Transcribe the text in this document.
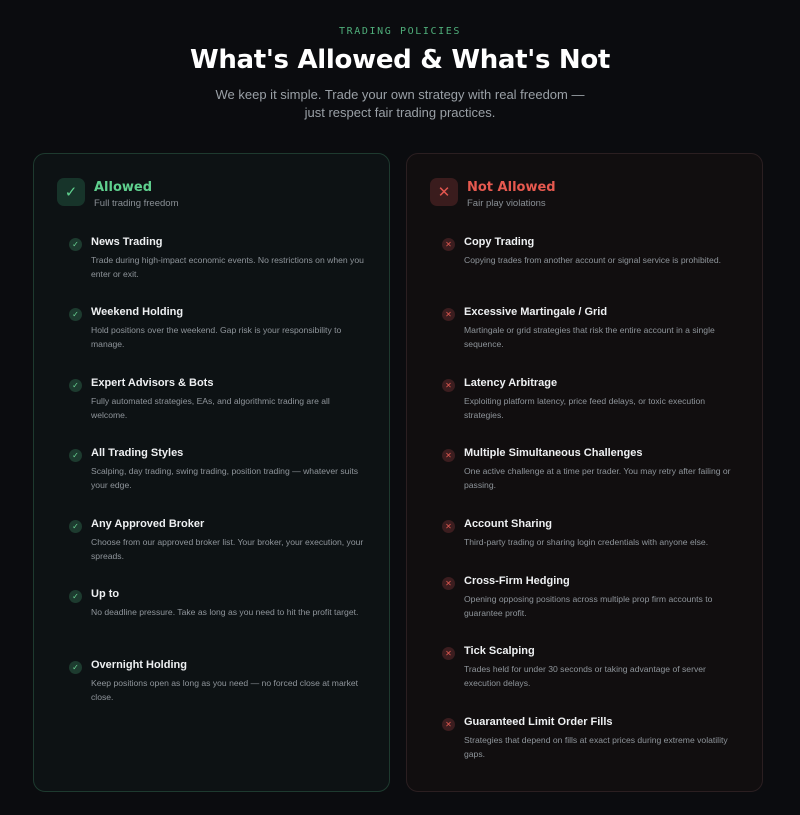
TRADING POLICIES
What's Allowed & What's Not

We keep it simple. Trade your own strategy with real freedom — just respect fair trading practices.

✓	Allowed
Full trading freedom
✓ News Trading
Trade during high-impact economic events. No restrictions on when you enter or exit.
✓ Weekend Holding
Hold positions over the weekend. Gap risk is your responsibility to manage.
✓ Expert Advisors & Bots
Fully automated strategies, EAs, and algorithmic trading are all welcome.
✓ All Trading Styles
Scalping, day trading, swing trading, position trading — whatever suits your edge.
✓ Any Approved Broker
Choose from our approved broker list. Your broker, your execution, your spreads.
✓ Up to
No deadline pressure. Take as long as you need to hit the profit target.
✓ Overnight Holding
Keep positions open as long as you need — no forced close at market close.
✕	Not Allowed
Fair play violations
✕ Copy Trading
Copying trades from another account or signal service is prohibited.
✕ Excessive Martingale / Grid
Martingale or grid strategies that risk the entire account in a single sequence.
✕ Latency Arbitrage
Exploiting platform latency, price feed delays, or toxic execution strategies.
✕ Multiple Simultaneous Challenges
One active challenge at a time per trader. You may retry after failing or passing.
✕ Account Sharing
Third-party trading or sharing login credentials with anyone else.
✕ Cross-Firm Hedging
Opening opposing positions across multiple prop firm accounts to guarantee profit.
✕ Tick Scalping
Trades held for under 30 seconds or taking advantage of server execution delays.
✕ Guaranteed Limit Order Fills
Strategies that depend on fills at exact prices during extreme volatility gaps.
